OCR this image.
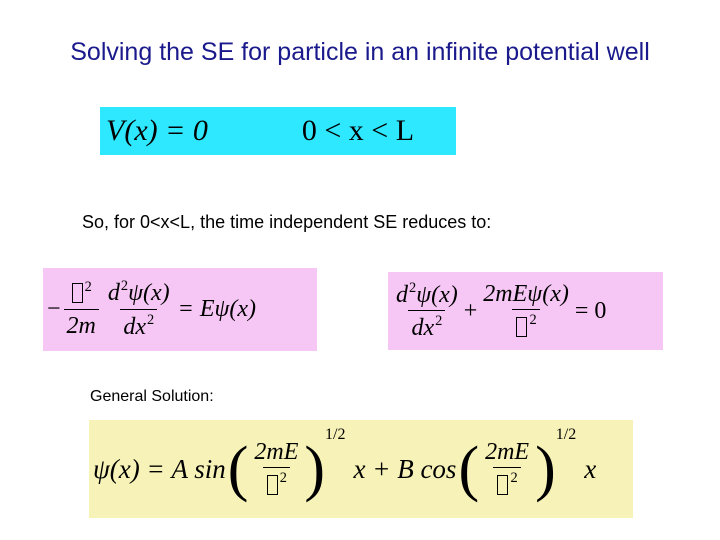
Solving the SE for particle in an infinite potential well
V(x) = 0	0 < x < L
So, for 0<x<L, the time independent SE reduces to:
− $\frac{^2}{2m} \frac{d^2\psi(x)}{dx^2} = E\psi(x)$	$\frac{d^2\psi(x)}{dx^2} + \frac{\text{2mEψ(x)}}{^2} = 0$
General Solution:
ψ(x) = A sin ( $\frac{2mE}{^2}$ )
1/2
x + B cos ( $\frac{2mE}{^2}$ )
1/2
x
